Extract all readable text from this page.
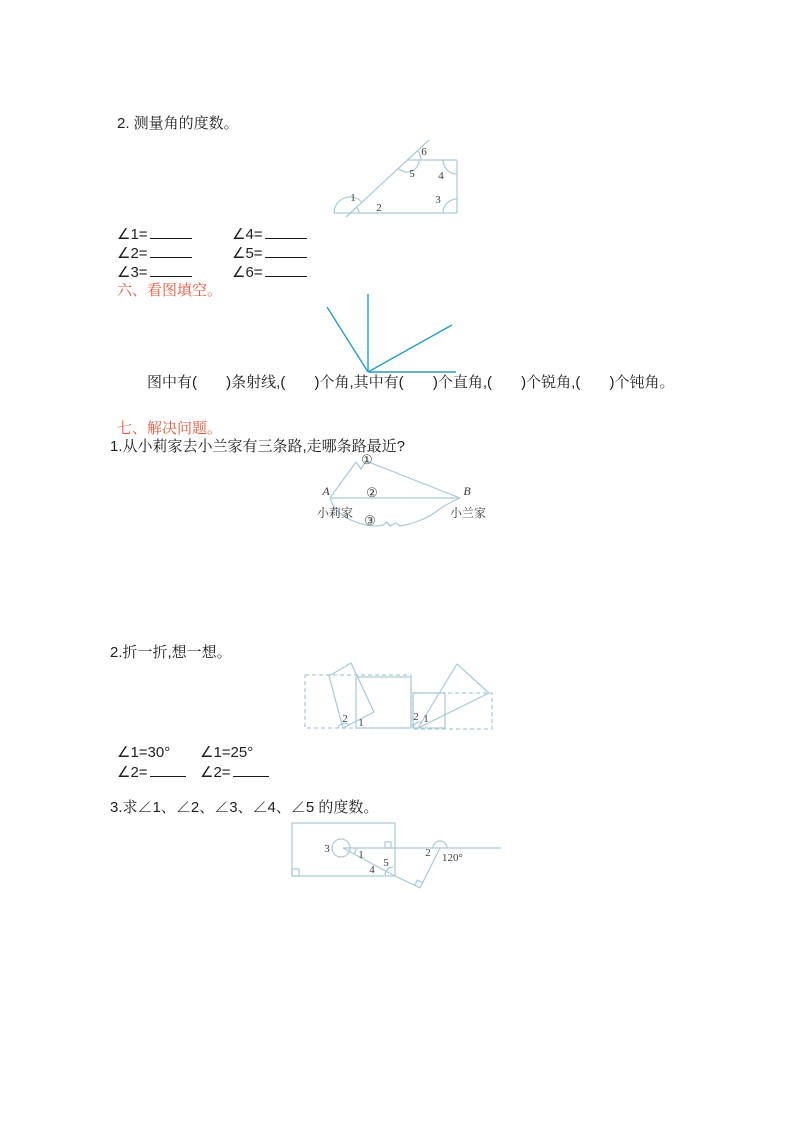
2. 测量角的度数。
1
2
5
6
4
3
∠1=	∠4=
∠2=	∠5=
∠3=	∠6=
六、看图填空。
图中有(       )条射线,(       )个角,其中有(       )个直角,(       )个锐角,(       )个钝角。
七、解决问题。
1.从小莉家去小兰家有三条路,走哪条路最近?
①
②
③
A	B
小莉家	小兰家
2.折一折,想一想。
2 1	2 1
∠1=30° ∠1=25°
∠2=	∠2=
3.求∠1、∠2、∠3、∠4、∠5 的度数。
3	1
4
5
2 120°
